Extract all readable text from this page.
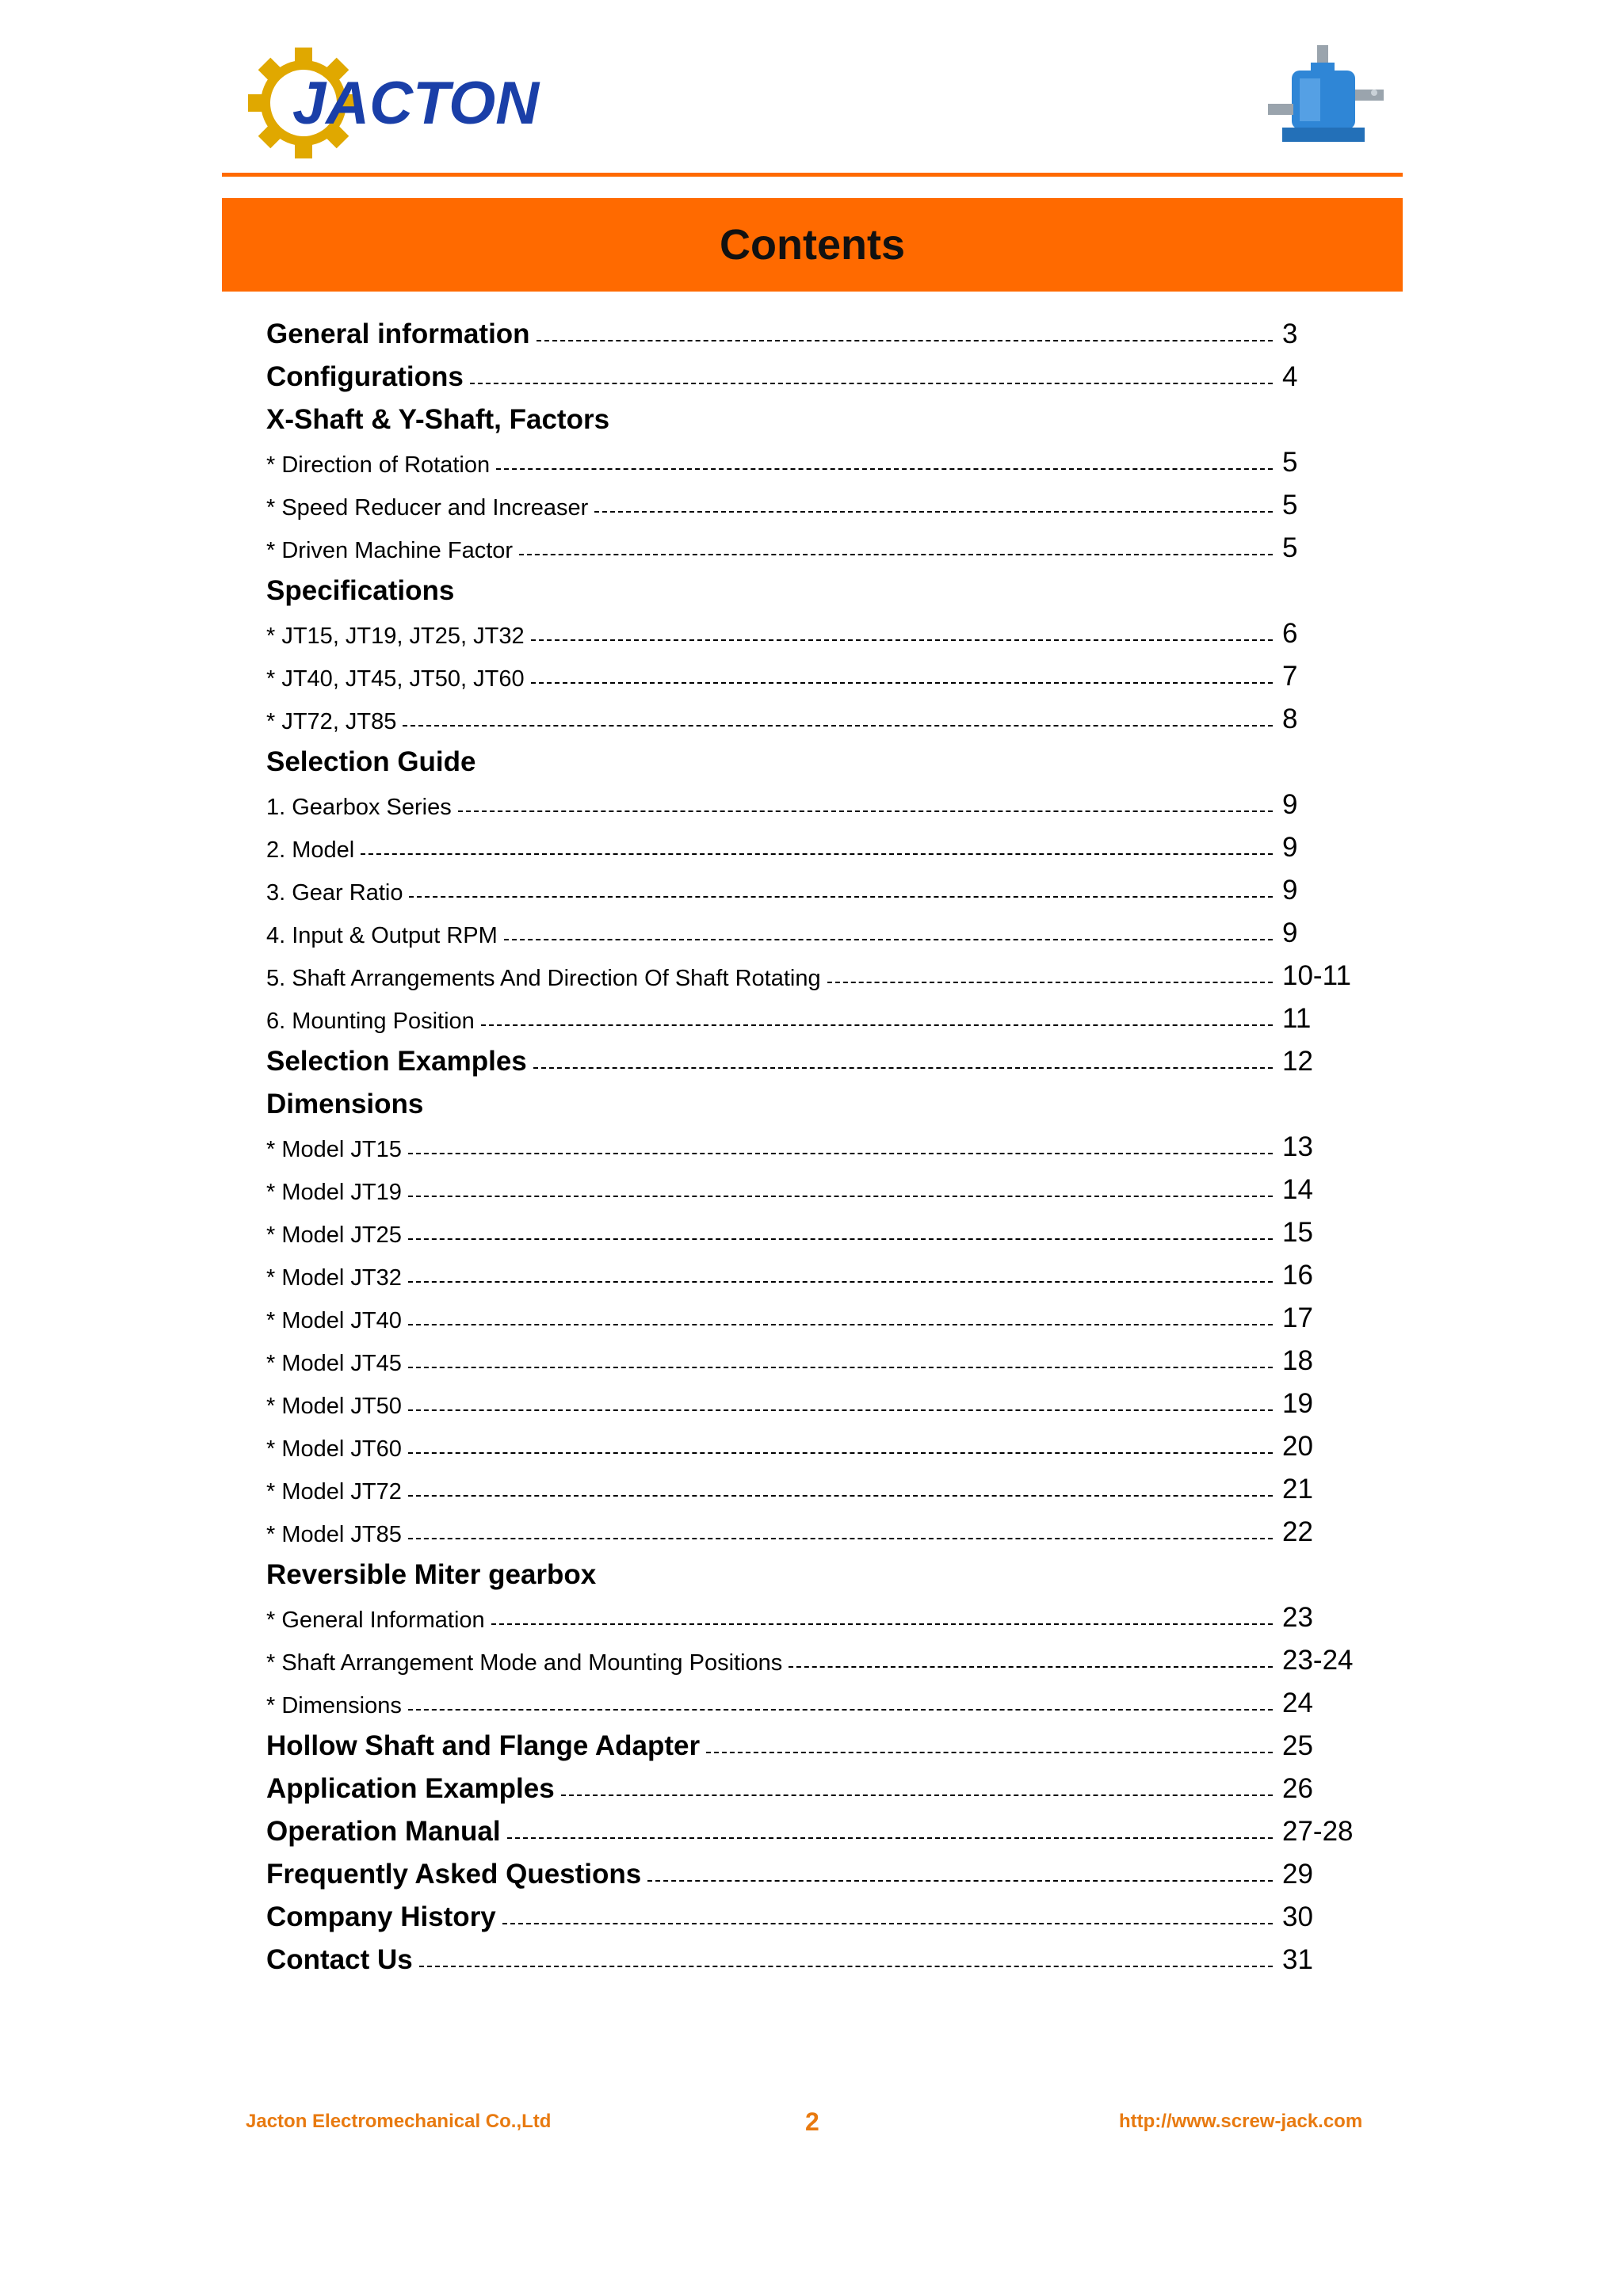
JACTON
Contents
General information	3
Configurations	4
X-Shaft & Y-Shaft, Factors
* Direction of Rotation	5
* Speed Reducer and Increaser	5
* Driven Machine Factor	5
Specifications
* JT15, JT19, JT25, JT32	6
* JT40, JT45, JT50, JT60	7
* JT72, JT85	8
Selection Guide
1. Gearbox Series	9
2. Model	9
3. Gear Ratio	9
4. Input & Output RPM	9
5. Shaft Arrangements And Direction Of Shaft Rotating	10-11
6. Mounting Position	11
Selection Examples	12
Dimensions
* Model JT15	13
* Model JT19	14
* Model JT25	15
* Model JT32	16
* Model JT40	17
* Model JT45	18
* Model JT50	19
* Model JT60	20
* Model JT72	21
* Model JT85	22
Reversible Miter gearbox
* General Information	23
* Shaft Arrangement Mode and Mounting Positions	23-24
* Dimensions	24
Hollow Shaft and Flange Adapter	25
Application Examples	26
Operation Manual	27-28
Frequently Asked Questions	29
Company History	30
Contact Us	31
Jacton Electromechanical Co.,Ltd	2	http://www.screw-jack.com
